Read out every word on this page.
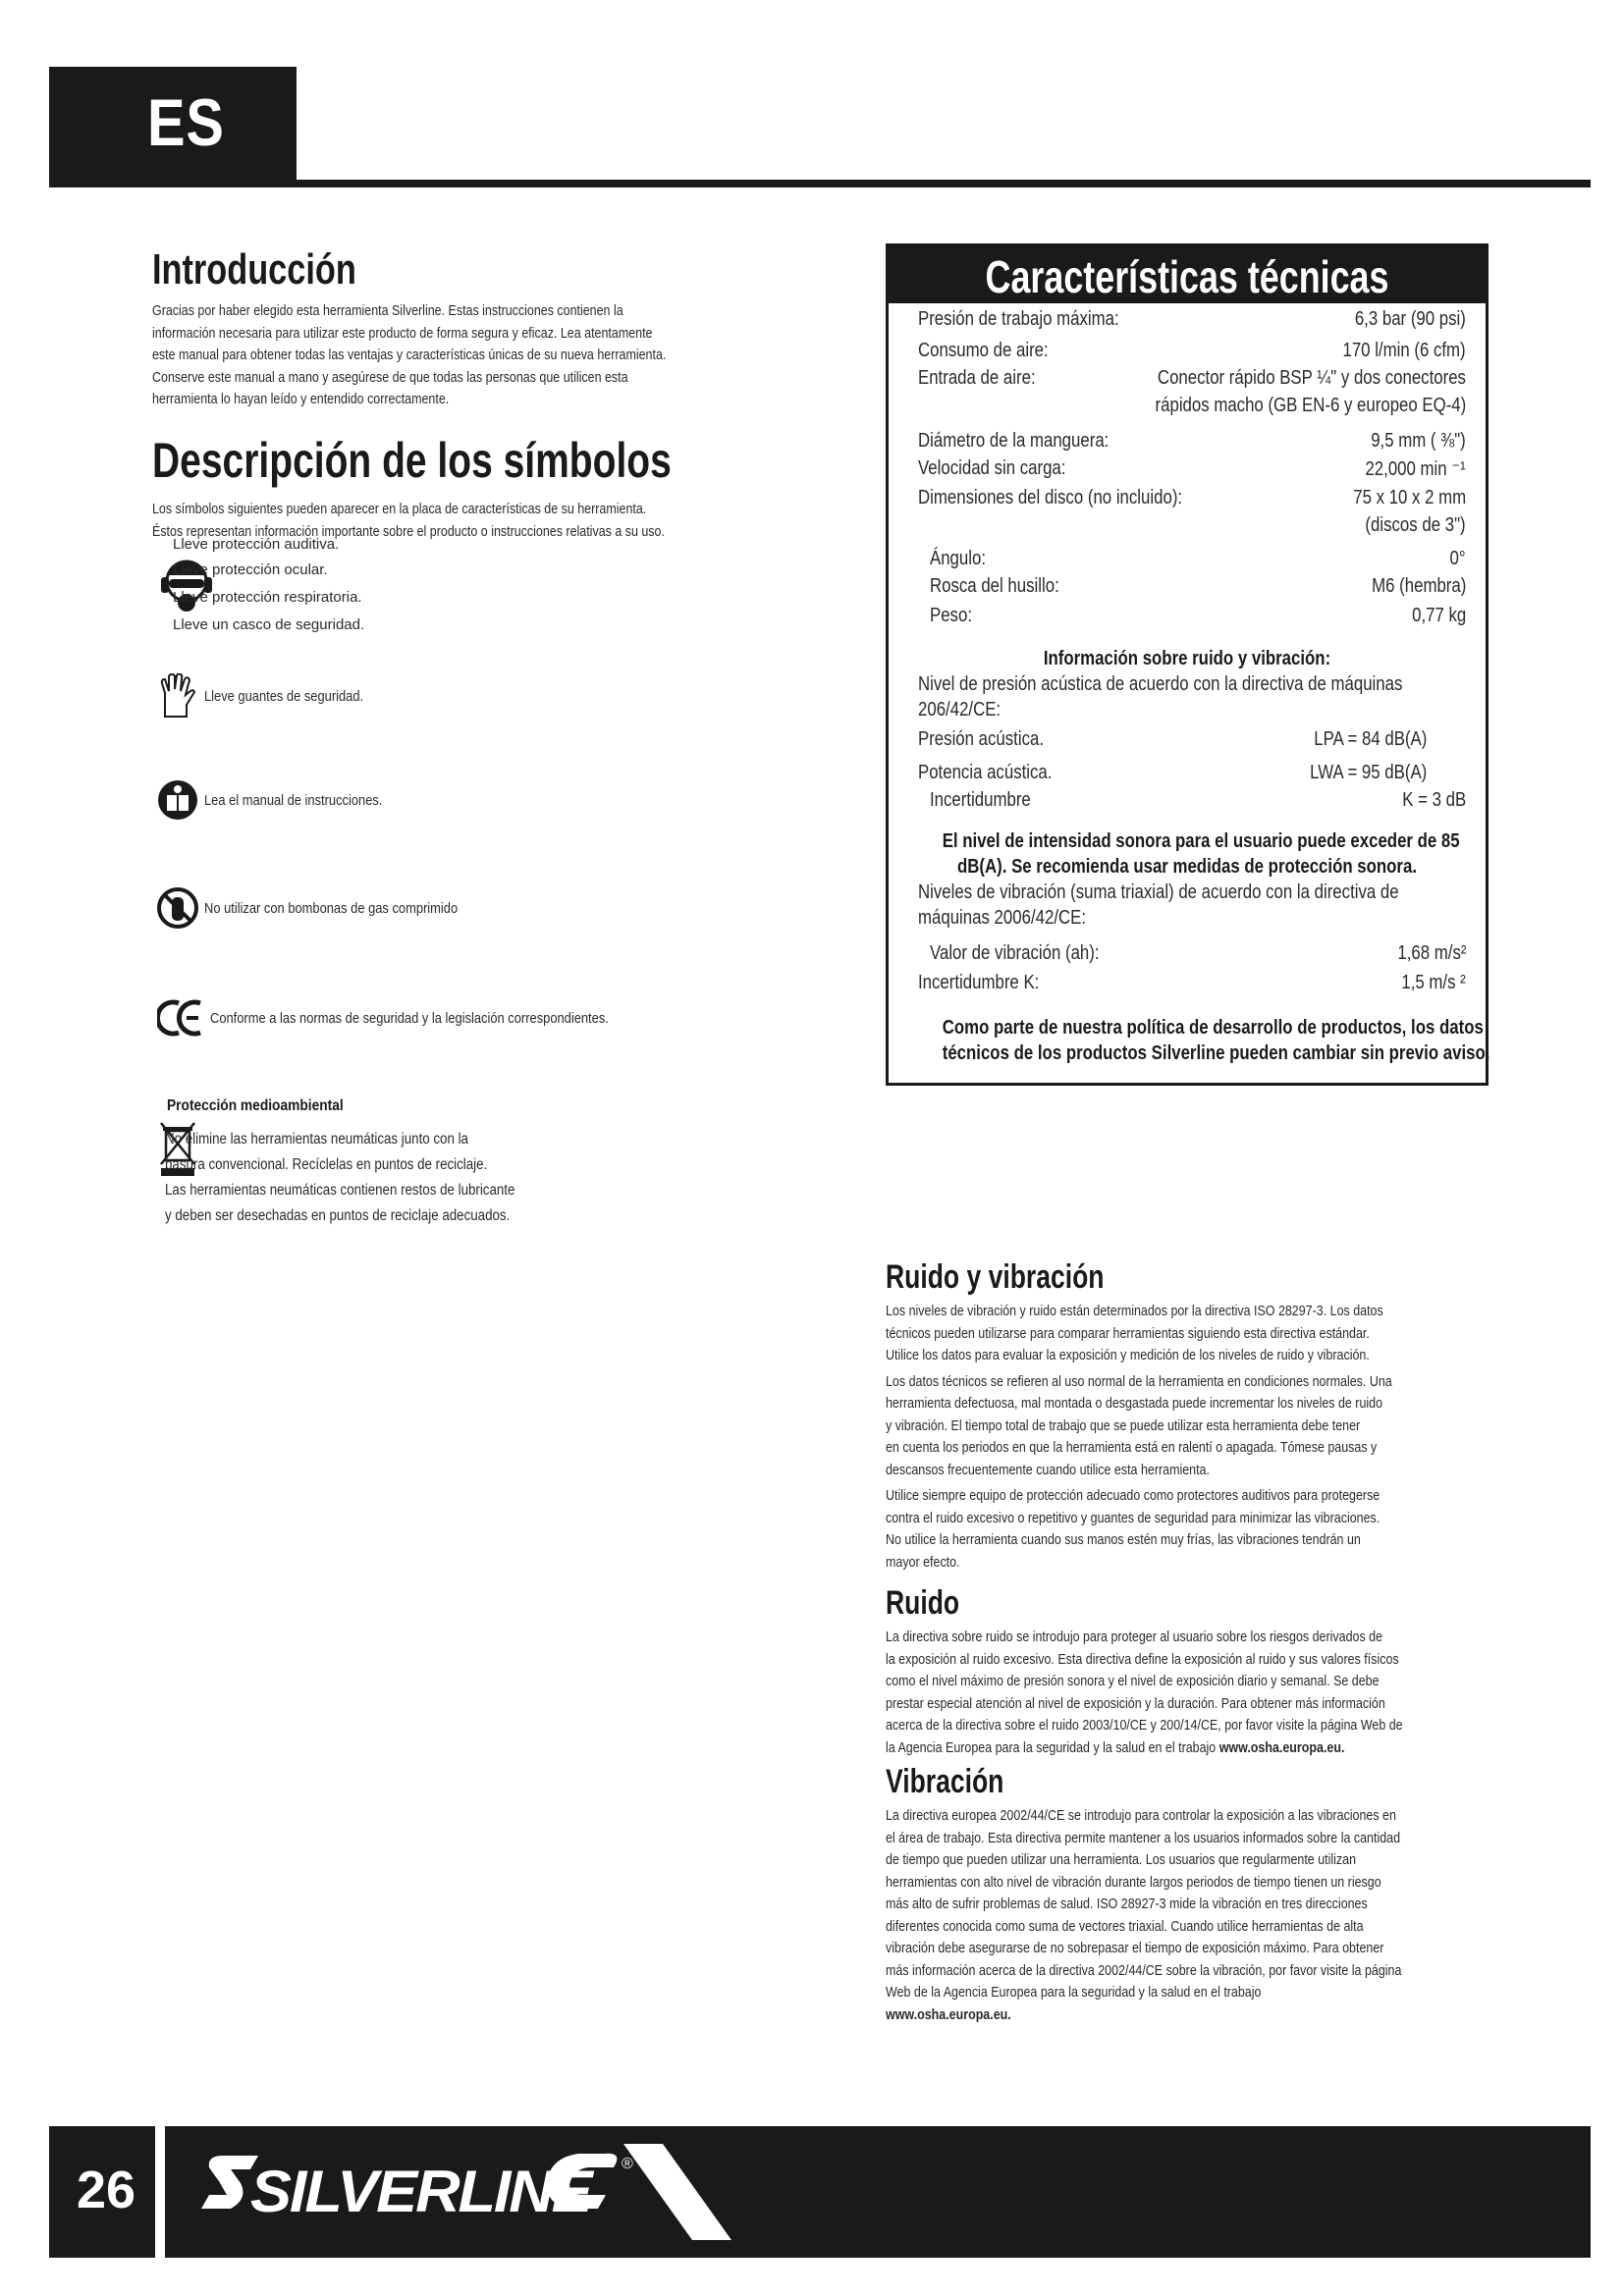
ES
Introducción

Gracias por haber elegido esta herramienta Silverline. Estas instrucciones contienen la

información necesaria para utilizar este producto de forma segura y eficaz. Lea atentamente

este manual para obtener todas las ventajas y características únicas de su nueva herramienta.

Conserve este manual a mano y asegúrese de que todas las personas que utilicen esta

herramienta lo hayan leído y entendido correctamente.

Descripción de los símbolos

Los símbolos siguientes pueden aparecer en la placa de características de su herramienta.

Éstos representan información importante sobre el producto o instrucciones relativas a su uso.

Lleve protección auditiva.
Lleve protección ocular.
Lleve protección respiratoria.
Lleve un casco de seguridad.
Lleve guantes de seguridad.
Lea el manual de instrucciones.
No utilizar con bombonas de gas comprimido
Conforme a las normas de seguridad y la legislación correspondientes.
Protección medioambiental

No elimine las herramientas neumáticas junto con la

basura convencional. Recíclelas en puntos de reciclaje.

Las herramientas neumáticas contienen restos de lubricante

y deben ser desechadas en puntos de reciclaje adecuados.

Características técnicas
Presión de trabajo máxima:	6,3 bar (90 psi)
Consumo de aire:	170 l/min (6 cfm)
Entrada de aire:	Conector rápido BSP ¼" y dos conectores
rápidos macho (GB EN-6 y europeo EQ-4)
Diámetro de la manguera:	9,5 mm ( ⅜")
Velocidad sin carga:	22,000 min ⁻¹
Dimensiones del disco (no incluido):	75 x 10 x 2 mm
(discos de 3")
Ángulo:	0°
Rosca del husillo:	M6 (hembra)
Peso:	0,77 kg
Información sobre ruido y vibración:
Nivel de presión acústica de acuerdo con la directiva de máquinas
206/42/CE:
Presión acústica.	LPA = 84 dB(A)
Potencia acústica.	LWA = 95 dB(A)
Incertidumbre	K = 3 dB
El nivel de intensidad sonora para el usuario puede exceder de 85
dB(A). Se recomienda usar medidas de protección sonora.
Niveles de vibración (suma triaxial) de acuerdo con la directiva de
máquinas 2006/42/CE:
Valor de vibración (ah):	1,68 m/s²
Incertidumbre K:	1,5 m/s ²
Como parte de nuestra política de desarrollo de productos, los datos
técnicos de los productos Silverline pueden cambiar sin previo aviso.
Ruido y vibración

Los niveles de vibración y ruido están determinados por la directiva ISO 28297-3. Los datos

técnicos pueden utilizarse para comparar herramientas siguiendo esta directiva estándar.

Utilice los datos para evaluar la exposición y medición de los niveles de ruido y vibración.

Los datos técnicos se refieren al uso normal de la herramienta en condiciones normales. Una

herramienta defectuosa, mal montada o desgastada puede incrementar los niveles de ruido

y vibración. El tiempo total de trabajo que se puede utilizar esta herramienta debe tener

en cuenta los periodos en que la herramienta está en ralentí o apagada. Tómese pausas y

descansos frecuentemente cuando utilice esta herramienta.

Utilice siempre equipo de protección adecuado como protectores auditivos para protegerse

contra el ruido excesivo o repetitivo y guantes de seguridad para minimizar las vibraciones.

No utilice la herramienta cuando sus manos estén muy frías, las vibraciones tendrán un

mayor efecto.

Ruido

La directiva sobre ruido se introdujo para proteger al usuario sobre los riesgos derivados de

la exposición al ruido excesivo. Esta directiva define la exposición al ruido y sus valores físicos

como el nivel máximo de presión sonora y el nivel de exposición diario y semanal. Se debe

prestar especial atención al nivel de exposición y la duración. Para obtener más información

acerca de la directiva sobre el ruido 2003/10/CE y 200/14/CE, por favor visite la página Web de

la Agencia Europea para la seguridad y la salud en el trabajo www.osha.europa.eu.

Vibración

La directiva europea 2002/44/CE se introdujo para controlar la exposición a las vibraciones en

el área de trabajo. Esta directiva permite mantener a los usuarios informados sobre la cantidad

de tiempo que pueden utilizar una herramienta. Los usuarios que regularmente utilizan

herramientas con alto nivel de vibración durante largos periodos de tiempo tienen un riesgo

más alto de sufrir problemas de salud. ISO 28927-3 mide la vibración en tres direcciones

diferentes conocida como suma de vectores triaxial. Cuando utilice herramientas de alta

vibración debe asegurarse de no sobrepasar el tiempo de exposición máximo. Para obtener

más información acerca de la directiva 2002/44/CE sobre la vibración, por favor visite la página

Web de la Agencia Europea para la seguridad y la salud en el trabajo

www.osha.europa.eu.

26 SILVERLINE ®
